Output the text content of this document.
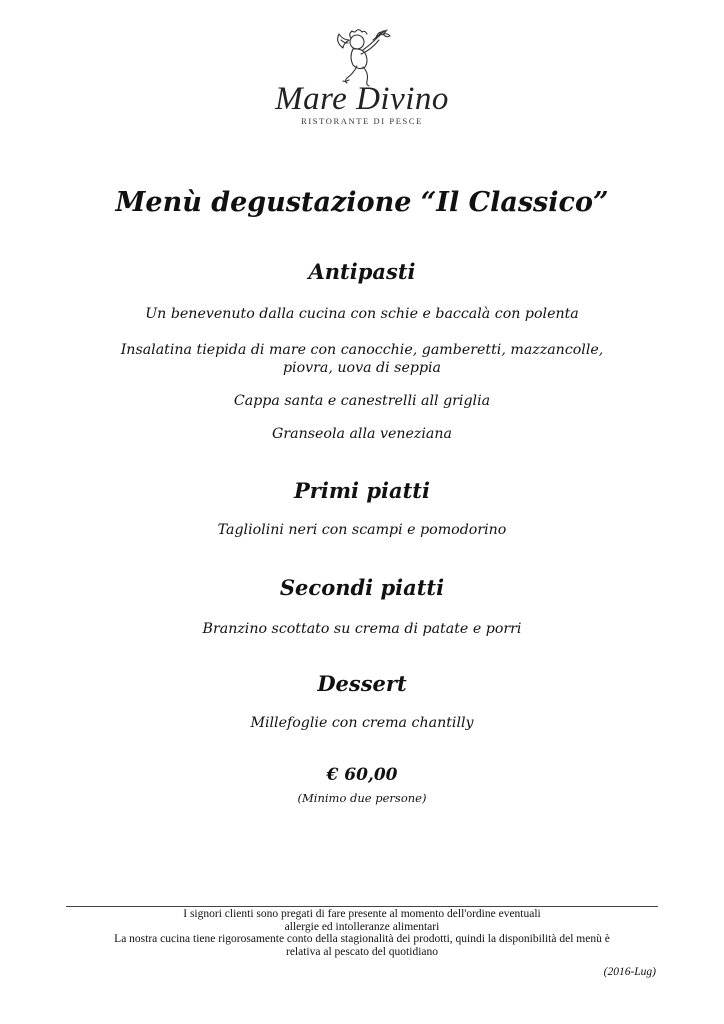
Mare Divino
RISTORANTE DI PESCE
Menù degustazione “Il Classico”
Antipasti

Un benevenuto dalla cucina con schie e baccalà con polenta

Insalatina tiepida di mare con canocchie, gamberetti, mazzancolle,
piovra, uova di seppia

Cappa santa e canestrelli all griglia

Granseola alla veneziana

Primi piatti

Tagliolini neri con scampi e pomodorino

Secondi piatti

Branzino scottato su crema di patate e porri

Dessert

Millefoglie con crema chantilly

€ 60,00
(Minimo due persone)

I signori clienti sono pregati di fare presente al momento dell'ordine eventuali
allergie ed intolleranze alimentari
La nostra cucina tiene rigorosamente conto della stagionalità dei prodotti, quindi la disponibilità del menù è
relativa al pescato del quotidiano

(2016-Lug)
